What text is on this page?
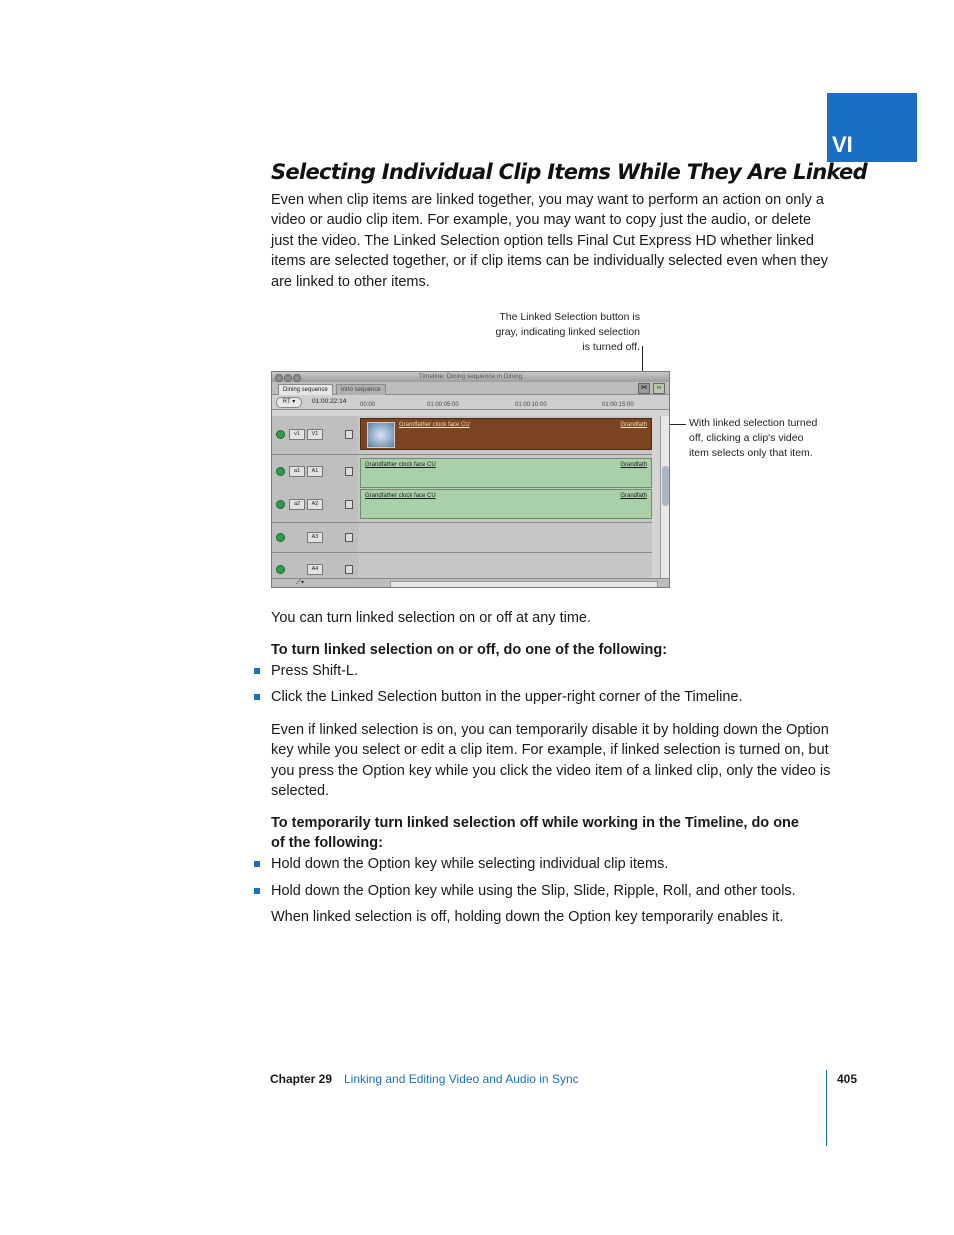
VI
Selecting Individual Clip Items While They Are Linked

Even when clip items are linked together, you may want to perform an action on only a video or audio clip item. For example, you may want to copy just the audio, or delete just the video. The Linked Selection option tells Final Cut Express HD whether linked items are selected together, or if clip items can be individually selected even when they are linked to other items.

The Linked Selection button is gray, indicating linked selection is turned off.
With linked selection turned off, clicking a clip's video item selects only that item.
Timeline: Dining sequence in Dining
Dining sequence	Intro sequence	⋈	∞
RT ▾	01:00:22:14 00:00	01:00:05:00	01:00:10:00	01:00:15:00
v1	V1
a1	A1
a2	A2
A3
A4
Grandfather clock face CU	Grandfath
Grandfather clock face CU	Grandfath
Grandfather clock face CU	Grandfath
⟋▾

You can turn linked selection on or off at any time.

To turn linked selection on or off, do one of the following:

Press Shift-L.
Click the Linked Selection button in the upper-right corner of the Timeline.

Even if linked selection is on, you can temporarily disable it by holding down the Option key while you select or edit a clip item. For example, if linked selection is turned on, but you press the Option key while you click the video item of a linked clip, only the video is selected.

To temporarily turn linked selection off while working in the Timeline, do one of the following:

Hold down the Option key while selecting individual clip items.
Hold down the Option key while using the Slip, Slide, Ripple, Roll, and other tools.

When linked selection is off, holding down the Option key temporarily enables it.

Chapter 29 Linking and Editing Video and Audio in Sync	405
